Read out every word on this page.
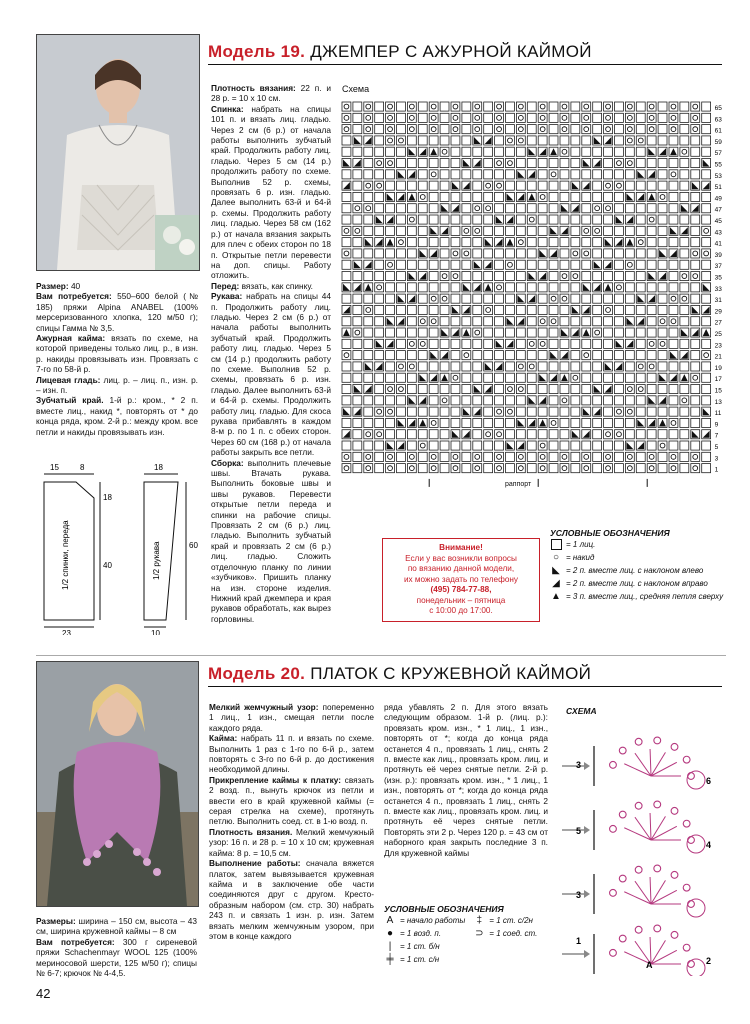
Модель 19. ДЖЕМПЕР С АЖУРНОЙ КАЙМОЙ

Размер: 40

Вам потребуется: 550–600 белой (№ 185) пряжи Alpina ANABEL (100% мерсеризованного хлопка, 120 м/50 г); спицы Гамма № 3,5.

Ажурная кайма: вязать по схеме, на которой приведены только лиц. р., в изн. р. накиды провязывать изн. Провязать с 7-го по 58-й р.

Лицевая гладь: лиц. р. – лиц. п., изн. р. – изн. п.

Зубчатый край. 1-й р.: кром., * 2 п. вместе лиц., накид *, повторять от * до конца ряда, кром. 2-й р.: между кром. все петли и накиды провязывать изн.

Плотность вязания: 22 п. и 28 р. = 10 х 10 см.

Спинка: набрать на спицы 101 п. и вязать лиц. гладью. Через 2 см (6 р.) от начала работы выполнить зубчатый край. Продолжить работу лиц. гладью. Через 5 см (14 р.) продолжить работу по схеме. Выполнив 52 р. схемы, провязать 6 р. изн. гладью. Далее выполнить 63-й и 64-й р. схемы. Продолжить работу лиц. гладью. Через 58 см (162 р.) от начала вязания закрыть для плеч с обеих сторон по 18 п. Открытые петли перевести на доп. спицы. Работу отложить.

Перед: вязать, как спинку.

Рукава: набрать на спицы 44 п. Продолжить работу лиц. гладью. Через 2 см (6 р.) от начала работы выполнить зубчатый край. Продолжить работу лиц. гладью. Через 5 см (14 р.) продолжить работу по схеме. Выполнив 52 р. схемы, провязать 6 р. изн. гладью. Далее выполнить 63-й и 64-й р. схемы. Продолжить работу лиц. гладью. Для скоса рукава прибавлять в каждом 8-м р. по 1 п. с обеих сторон. Через 60 см (168 р.) от начала работы закрыть все петли.

Сборка: выполнить плечевые швы. Втачать рукава. Выполнить боковые швы и швы рукавов. Перевести открытые петли переда и спинки на рабочие спицы. Провязать 2 см (6 р.) лиц. гладью. Выполнить зубчатый край и провязать 2 см (6 р.) лиц. гладью. Сложить отделочную планку по линии «зубчиков». Пришить планку на изн. стороне изделия. Нижний край джемпера и края рукавов обработать, как вырез горловины.

15	8
18
40
23
18
60
10
1/2 спинки, переда	1/2 рукава
Схема
65
63
61
59
57
55
53
51
49
47
45
43
41
39
37
35
33
31
29
27
25
23
21
19
17
15
13
11
9
7
5
3
1
раппорт
Внимание!
Если у вас возникли вопросы
по вязанию данной модели,
их можно задать по телефону
(495) 784-77-88,
понедельник – пятница
с 10:00 до 17:00.
УСЛОВНЫЕ ОБОЗНАЧЕНИЯ
= 1 лиц.
○ = накид
◣ = 2 п. вместе лиц. с наклоном влево
◢ = 2 п. вместе лиц. с наклоном вправо
▲ = 3 п. вместе лиц., средняя петля сверху
Модель 20. ПЛАТОК С КРУЖЕВНОЙ КАЙМОЙ

Размеры: ширина – 150 см, высота – 43 см, ширина кружевной каймы – 8 см

Вам потребуется: 300 г сиреневой пряжи Schachenmayr WOOL 125 (100% мериносовой шерсти, 125 м/50 г); спицы № 6-7; крючок № 4-4,5.

Мелкий жемчужный узор: попеременно 1 лиц., 1 изн., смещая петли после каждого ряда.

Кайма: набрать 11 п. и вязать по схеме. Выполнить 1 раз с 1-го по 6-й р., затем повторять с 3-го по 6-й р. до достижения необходимой длины.

Прикрепление каймы к платку: связать 2 возд. п., вынуть крючок из петли и ввести его в край кружевной каймы (= серая стрелка на схеме), протянуть петлю. Выполнить соед. ст. в 1-ю возд. п.

Плотность вязания. Мелкий жемчужный узор: 16 п. и 28 р. = 10 х 10 см; кружевная кайма: 8 р. = 10,5 см.

Выполнение работы: сначала вяжется платок, затем вывязывается кружевная кайма и в заключение обе части соединяются друг с другом. Крестообразным набором (см. стр. 30) набрать 243 п. и связать 1 изн. р. изн. Затем вязать мелким жемчужным узором, при этом в конце каждого

ряда убавлять 2 п. Для этого вязать следующим образом. 1-й р. (лиц. р.): провязать кром. изн., * 1 лиц., 1 изн., повторять от *; когда до конца ряда останется 4 п., провязать 1 лиц., снять 2 п. вместе как лиц., провязать кром. лиц. и протянуть её через снятые петли. 2-й р. (изн. р.): провязать кром. изн., * 1 лиц., 1 изн., повторять от *; когда до конца ряда останется 4 п., провязать 1 лиц., снять 2 п. вместе как лиц., провязать кром. лиц. и протянуть её через снятые петли. Повторять эти 2 р. Через 120 р. = 43 см от наборного края закрыть последние 3 п. Для кружевной каймы

УСЛОВНЫЕ ОБОЗНАЧЕНИЯ
A = начало работы
● = 1 возд. п.
|	= 1 ст. б/н
╪ = 1 ст. с/н
‡ = 1 ст. с/2н
⊃ = 1 соед. ст.
СХЕМА
3
6
5
4
3
1
2
A
42
